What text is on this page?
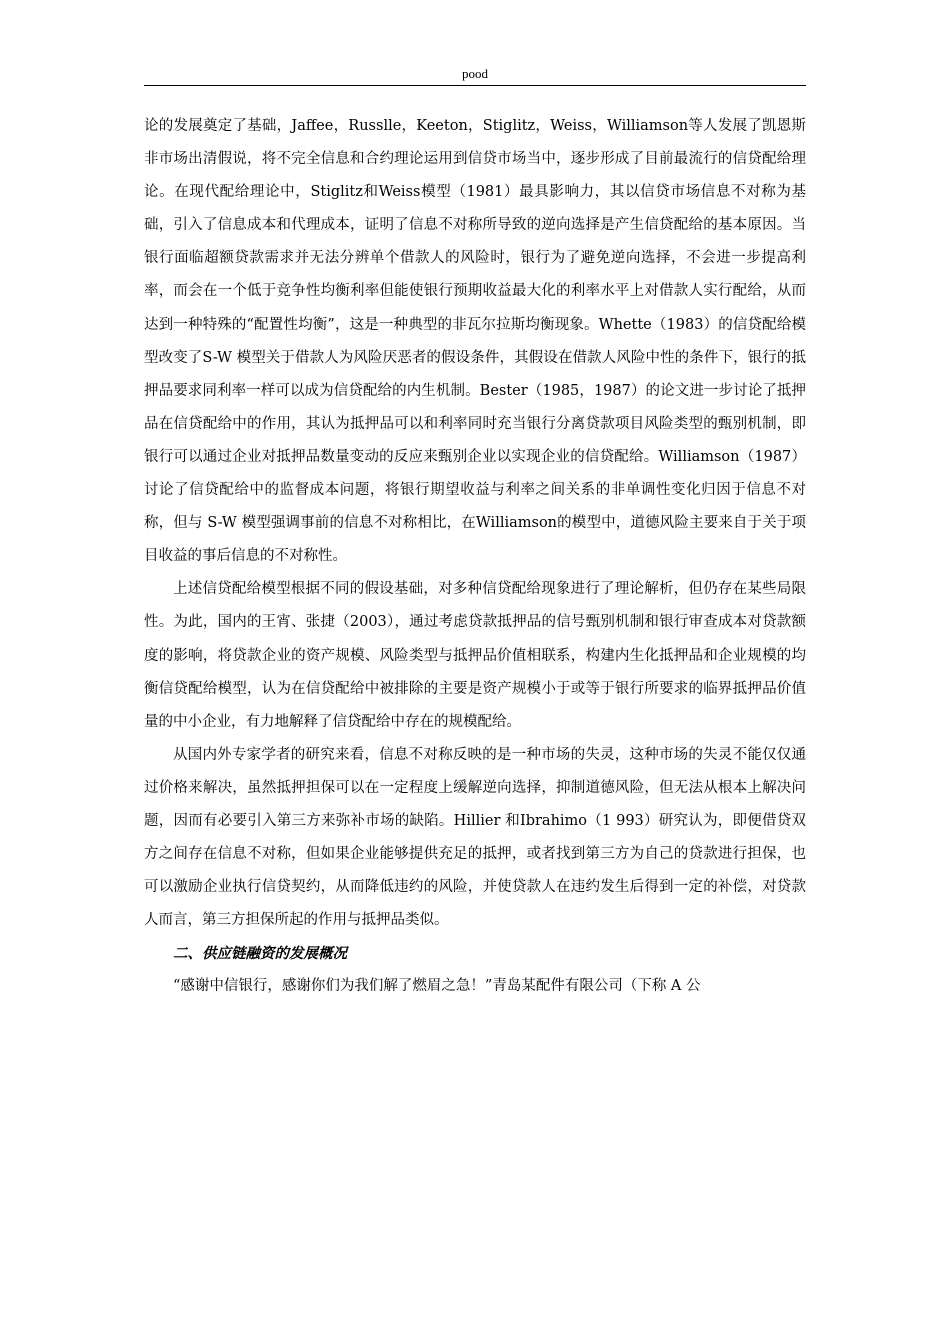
pood

论的发展奠定了基础，Jaffee，Russlle，Keeton，Stiglitz，Weiss，Williamson等人发展了凯恩斯非市场出清假说，将不完全信息和合约理论运用到信贷市场当中，逐步形成了目前最流行的信贷配给理论。在现代配给理论中，Stiglitz和Weiss模型（1981）最具影响力，其以信贷市场信息不对称为基础，引入了信息成本和代理成本，证明了信息不对称所导致的逆向选择是产生信贷配给的基本原因。当银行面临超额贷款需求并无法分辨单个借款人的风险时，银行为了避免逆向选择，不会进一步提高利率，而会在一个低于竞争性均衡利率但能使银行预期收益最大化的利率水平上对借款人实行配给，从而达到一种特殊的“配置性均衡”，这是一种典型的非瓦尔拉斯均衡现象。Whette（1983）的信贷配给模型改变了S-W 模型关于借款人为风险厌恶者的假设条件，其假设在借款人风险中性的条件下，银行的抵押品要求同利率一样可以成为信贷配给的内生机制。Bester（1985，1987）的论文进一步讨论了抵押品在信贷配给中的作用，其认为抵押品可以和利率同时充当银行分离贷款项目风险类型的甄别机制，即银行可以通过企业对抵押品数量变动的反应来甄别企业以实现企业的信贷配给。Williamson（1987）讨论了信贷配给中的监督成本问题，将银行期望收益与利率之间关系的非单调性变化归因于信息不对称，但与 S-W 模型强调事前的信息不对称相比，在Williamson的模型中，道德风险主要来自于关于项目收益的事后信息的不对称性。

上述信贷配给模型根据不同的假设基础，对多种信贷配给现象进行了理论解析，但仍存在某些局限性。为此，国内的王宵、张捷（2003），通过考虑贷款抵押品的信号甄别机制和银行审查成本对贷款额度的影响，将贷款企业的资产规模、风险类型与抵押品价值相联系，构建内生化抵押品和企业规模的均衡信贷配给模型，认为在信贷配给中被排除的主要是资产规模小于或等于银行所要求的临界抵押品价值量的中小企业，有力地解释了信贷配给中存在的规模配给。

从国内外专家学者的研究来看，信息不对称反映的是一种市场的失灵，这种市场的失灵不能仅仅通过价格来解决，虽然抵押担保可以在一定程度上缓解逆向选择，抑制道德风险，但无法从根本上解决问题，因而有必要引入第三方来弥补市场的缺陷。Hillier 和Ibrahimo（1 993）研究认为，即便借贷双方之间存在信息不对称，但如果企业能够提供充足的抵押，或者找到第三方为自己的贷款进行担保，也可以激励企业执行信贷契约，从而降低违约的风险，并使贷款人在违约发生后得到一定的补偿，对贷款人而言，第三方担保所起的作用与抵押品类似。

二、供应链融资的发展概况

“感谢中信银行，感谢你们为我们解了燃眉之急！”青岛某配件有限公司（下称 A 公
